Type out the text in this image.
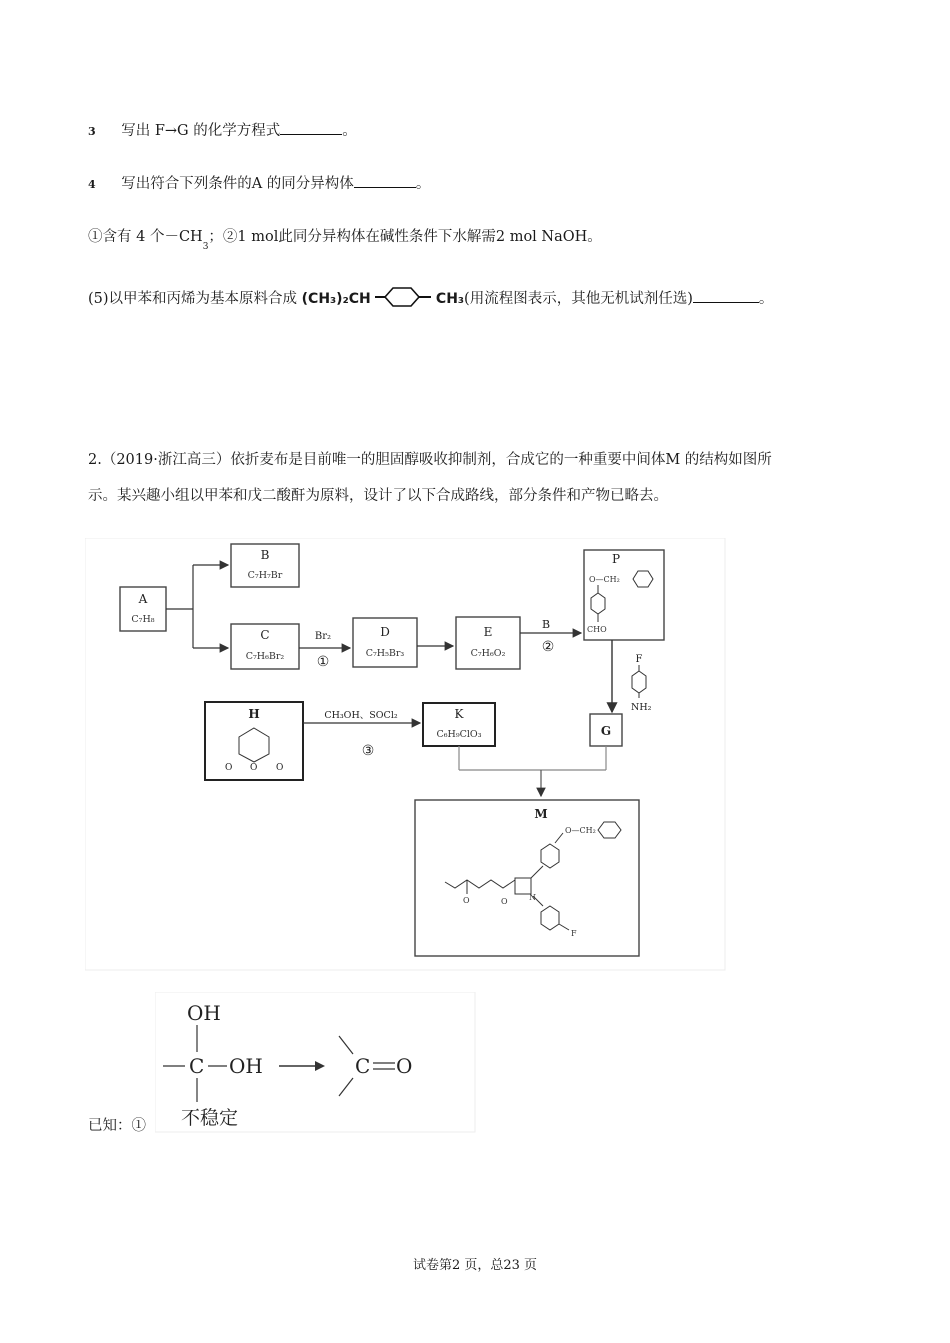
3 写出 F→G 的化学方程式	。
4 写出符合下列条件的A 的同分异构体	。
①含有 4 个$-CH_3$；②1 mol此同分异构体在碱性条件下水解需2 mol NaOH。
(5)以甲苯和丙烯为基本原料合成 (CH₃)₂CH	CH₃(用流程图表示，其他无机试剂任选)	。
2.（2019·浙江高三）依折麦布是目前唯一的胆固醇吸收抑制剂，合成它的一种重要中间体M 的结构如图所
示。某兴趣小组以甲苯和戊二酸酐为原料，设计了以下合成路线，部分条件和产物已略去。
A
C₇H₈
B
C₇H₇Br
C
C₇H₆Br₂
Br₂
①
D
C₇H₅Br₃
E
C₇H₆O₂
B
②
P
O—CH₂
CHO
F
NH₂
G
H
O O O
CH₃OH、SOCl₂
③
K
C₆H₉ClO₃
M
O—CH₂
N
O
O
F
已知：①
OH
C OH
不稳定
C O
试卷第2 页，总23 页
